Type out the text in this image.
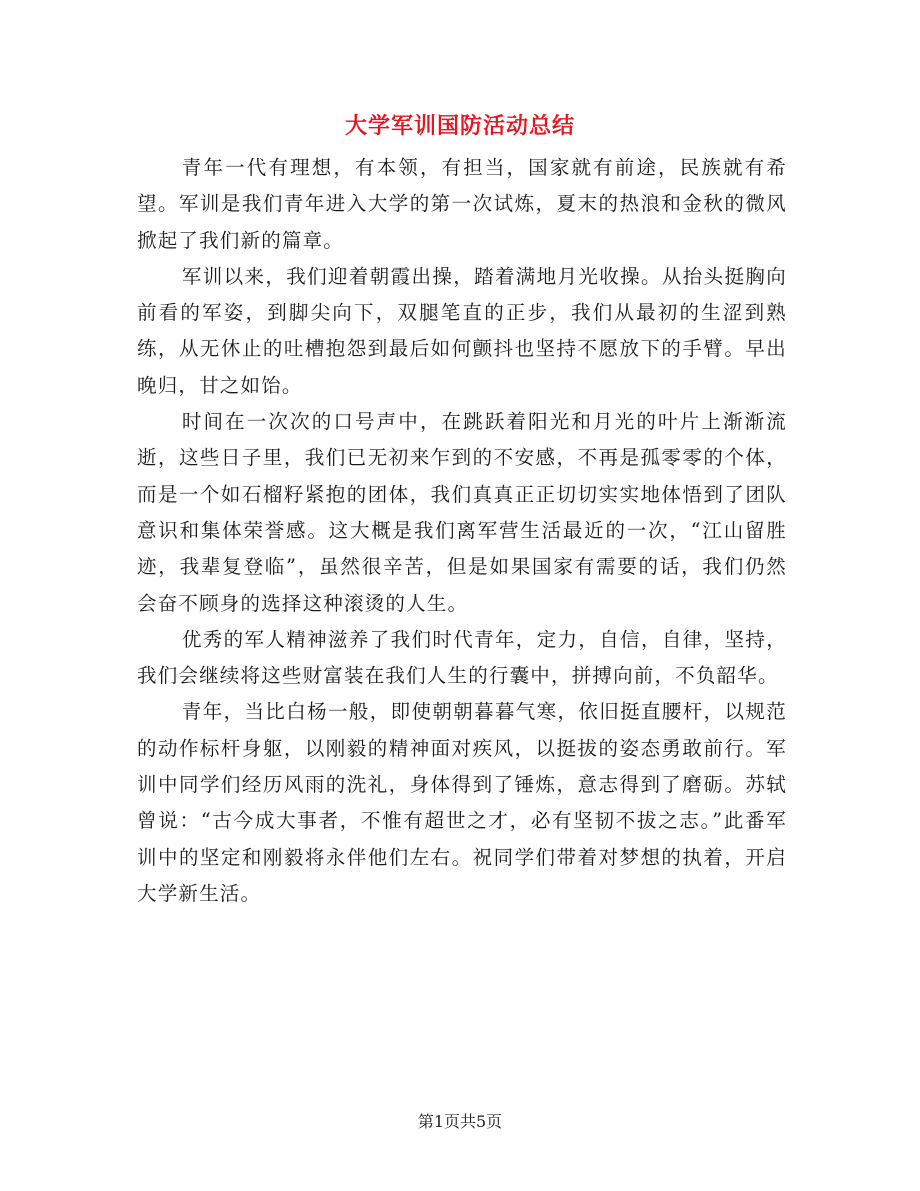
大学军训国防活动总结

青年一代有理想，有本领，有担当，国家就有前途，民族就有希望。军训是我们青年进入大学的第一次试炼，夏末的热浪和金秋的微风掀起了我们新的篇章。

军训以来，我们迎着朝霞出操，踏着满地月光收操。从抬头挺胸向前看的军姿，到脚尖向下，双腿笔直的正步，我们从最初的生涩到熟练，从无休止的吐槽抱怨到最后如何颤抖也坚持不愿放下的手臂。早出晚归，甘之如饴。

时间在一次次的口号声中，在跳跃着阳光和月光的叶片上渐渐流逝，这些日子里，我们已无初来乍到的不安感，不再是孤零零的个体，而是一个如石榴籽紧抱的团体，我们真真正正切切实实地体悟到了团队意识和集体荣誉感。这大概是我们离军营生活最近的一次，“江山留胜迹，我辈复登临”，虽然很辛苦，但是如果国家有需要的话，我们仍然会奋不顾身的选择这种滚烫的人生。

优秀的军人精神滋养了我们时代青年，定力，自信，自律，坚持，我们会继续将这些财富装在我们人生的行囊中，拼搏向前，不负韶华。

青年，当比白杨一般，即使朝朝暮暮气寒，依旧挺直腰杆，以规范的动作标杆身躯，以刚毅的精神面对疾风，以挺拔的姿态勇敢前行。军训中同学们经历风雨的洗礼，身体得到了锤炼，意志得到了磨砺。苏轼曾说：“古今成大事者，不惟有超世之才，必有坚韧不拔之志。”此番军训中的坚定和刚毅将永伴他们左右。祝同学们带着对梦想的执着，开启大学新生活。

第1页共5页
